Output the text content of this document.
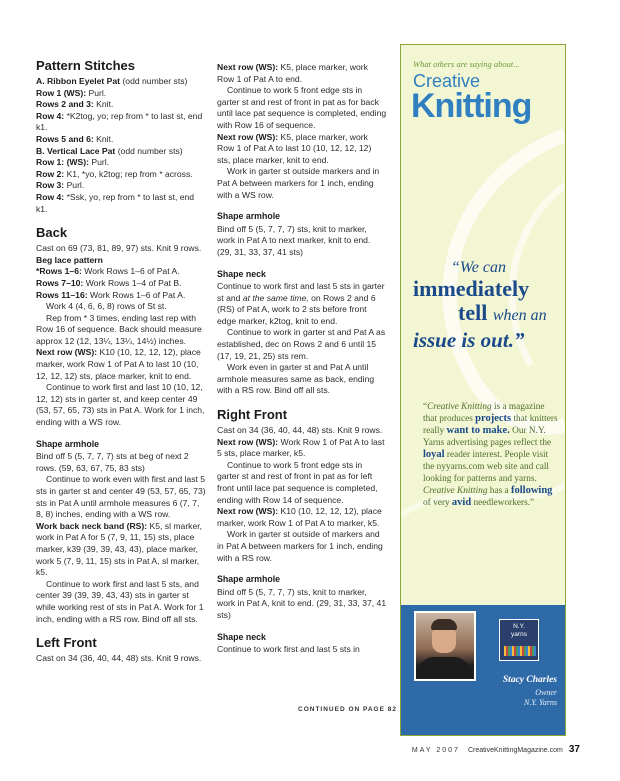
Pattern Stitches

A. Ribbon Eyelet Pat (odd number sts)

Row 1 (WS): Purl.

Rows 2 and 3: Knit.

Row 4: *K2tog, yo; rep from * to last st, end k1.

Rows 5 and 6: Knit.

B. Vertical Lace Pat (odd number sts)

Row 1: (WS): Purl.

Row 2: K1, *yo, k2tog; rep from * across.

Row 3: Purl.

Row 4: *Ssk, yo, rep from * to last st, end k1.

Back

Cast on 69 (73, 81, 89, 97) sts. Knit 9 rows.

Beg lace pattern

*Rows 1–6: Work Rows 1–6 of Pat A.

Rows 7–10: Work Rows 1–4 of Pat B.

Rows 11–16: Work Rows 1–6 of Pat A.

Work 4 (4, 6, 6, 8) rows of St st.

Rep from * 3 times, ending last rep with Row 16 of sequence. Back should measure approx 12 (12, 13¼, 13¼, 14½) inches.

Next row (WS): K10 (10, 12, 12, 12), place marker, work Row 1 of Pat A to last 10 (10, 12, 12, 12) sts, place marker, knit to end.

Continue to work first and last 10 (10, 12, 12, 12) sts in garter st, and keep center 49 (53, 57, 65, 73) sts in Pat A. Work for 1 inch, ending with a WS row.

Shape armhole

Bind off 5 (5, 7, 7, 7) sts at beg of next 2 rows. (59, 63, 67, 75, 83 sts)

Continue to work even with first and last 5 sts in garter st and center 49 (53, 57, 65, 73) sts in Pat A until armhole measures 6 (7, 7, 8, 8) inches, ending with a WS row.

Work back neck band (RS): K5, sl marker, work in Pat A for 5 (7, 9, 11, 15) sts, place marker, k39 (39, 39, 43, 43), place marker, work 5 (7, 9, 11, 15) sts in Pat A, sl marker, k5.

Continue to work first and last 5 sts, and center 39 (39, 39, 43, 43) sts in garter st while working rest of sts in Pat A. Work for 1 inch, ending with a RS row. Bind off all sts.

Left Front

Cast on 34 (36, 40, 44, 48) sts. Knit 9 rows.

Next row (WS): K5, place marker, work Row 1 of Pat A to end.

Continue to work 5 front edge sts in garter st and rest of front in pat as for back until lace pat sequence is completed, ending with Row 16 of sequence.

Next row (WS): K5, place marker, work Row 1 of Pat A to last 10 (10, 12, 12, 12) sts, place marker, knit to end.

Work in garter st outside markers and in Pat A between markers for 1 inch, ending with a WS row.

Shape armhole

Bind off 5 (5, 7, 7, 7) sts, knit to marker, work in Pat A to next marker, knit to end. (29, 31, 33, 37, 41 sts)

Shape neck

Continue to work first and last 5 sts in garter st and at the same time, on Rows 2 and 6 (RS) of Pat A, work to 2 sts before front edge marker, k2tog, knit to end.

Continue to work in garter st and Pat A as established, dec on Rows 2 and 6 until 15 (17, 19, 21, 25) sts rem.

Work even in garter st and Pat A until armhole measures same as back, ending with a RS row. Bind off all sts.

Right Front

Cast on 34 (36, 40, 44, 48) sts. Knit 9 rows.

Next row (WS): Work Row 1 of Pat A to last 5 sts, place marker, k5.

Continue to work 5 front edge sts in garter st and rest of front in pat as for left front until lace pat sequence is completed, ending with Row 14 of sequence.

Next row (WS): K10 (10, 12, 12, 12), place marker, work Row 1 of Pat A to marker, k5.

Work in garter st outside of markers and in Pat A between markers for 1 inch, ending with a RS row.

Shape armhole

Bind off 5 (5, 7, 7, 7) sts, knit to marker, work in Pat A, knit to end. (29, 31, 33, 37, 41 sts)

Shape neck

Continue to work first and last 5 sts in

CONTINUED ON PAGE 82
What others are saying about...
Creative
Knitting
“We can
immediately
tell when an
issue is out.”
“Creative Knitting is a magazine that produces projects that knitters really want to make. Our N.Y. Yarns advertising pages reflect the loyal reader interest. People visit the nyyarns.com web site and call looking for patterns and yarns. Creative Knitting has a following of very avid needleworkers.”
N.Y.
yarns
Stacy Charles
Owner
N.Y. Yarns
MAY 2007 CreativeKnittingMagazine.com 37
